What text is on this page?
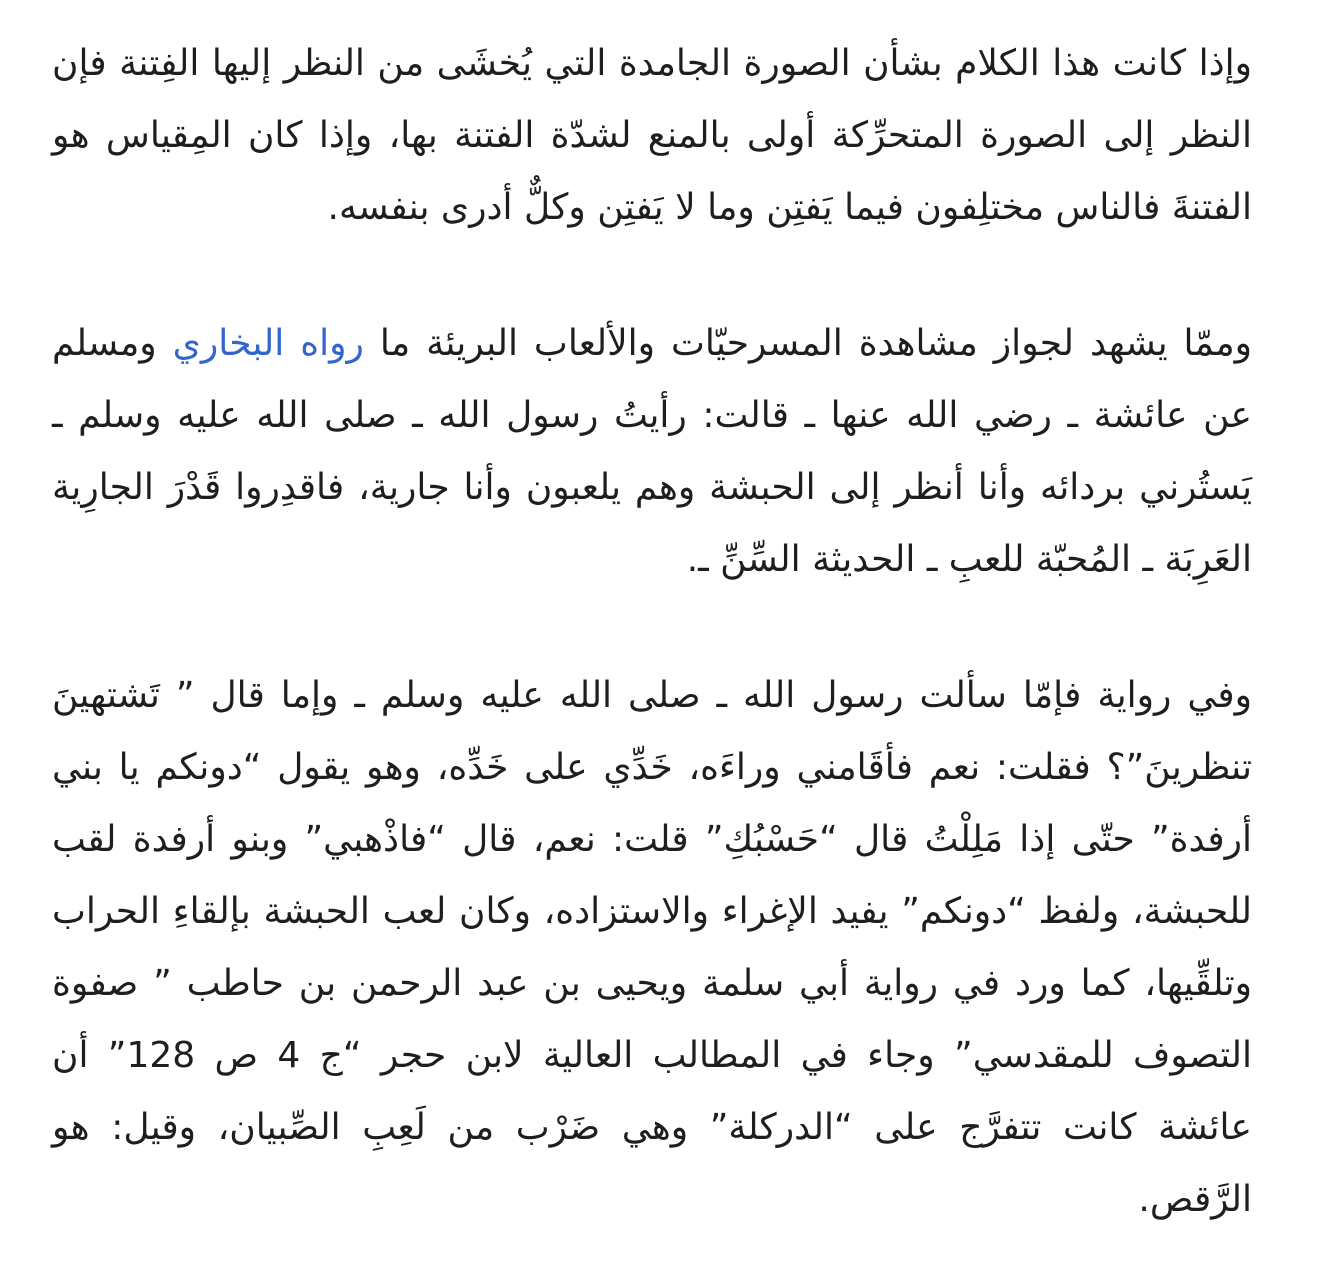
وإذا كانت هذا الكلام بشأن الصورة الجامدة التي يُخشَى من النظر إليها الفِتنة فإن النظر إلى الصورة المتحرِّكة أولى بالمنع لشدّة الفتنة بها، وإذا كان المِقياس هو الفتنةَ فالناس مختلِفون فيما يَفتِن وما لا يَفتِن وكلٌّ أدرى بنفسه.

وممّا يشهد لجواز مشاهدة المسرحيّات والألعاب البريئة ما رواه البخاري ومسلم عن عائشة ـ رضي الله عنها ـ قالت: رأيتُ رسول الله ـ صلى الله عليه وسلم ـ يَستُرني بردائه وأنا أنظر إلى الحبشة وهم يلعبون وأنا جارية، فاقدِروا قَدْرَ الجارِية العَرِبَة ـ المُحبّة للعبِ ـ الحديثة السِّنِّ ـ.

وفي رواية فإمّا سألت رسول الله ـ صلى الله عليه وسلم ـ وإما قال ” تَشتهينَ تنظرينَ”؟ فقلت: نعم فأقَامني وراءَه، خَدِّي على خَدِّه، وهو يقول “دونكم يا بني أرفدة” حتّى إذا مَلِلْتُ قال “حَسْبُكِ” قلت: نعم، قال “فاذْهبي” وبنو أرفدة لقب للحبشة، ولفظ “دونكم” يفيد الإغراء والاستزاده، وكان لعب الحبشة بإلقاءِ الحراب وتلقِّيها، كما ورد في رواية أبي سلمة ويحيى بن عبد الرحمن بن حاطب ” صفوة التصوف للمقدسي” وجاء في المطالب العالية لابن حجر “ج 4 ص 128” أن عائشة كانت تتفرَّج على “الدركلة” وهي ضَرْب من لَعِبِ الصِّبيان، وقيل: هو الرَّقص.
